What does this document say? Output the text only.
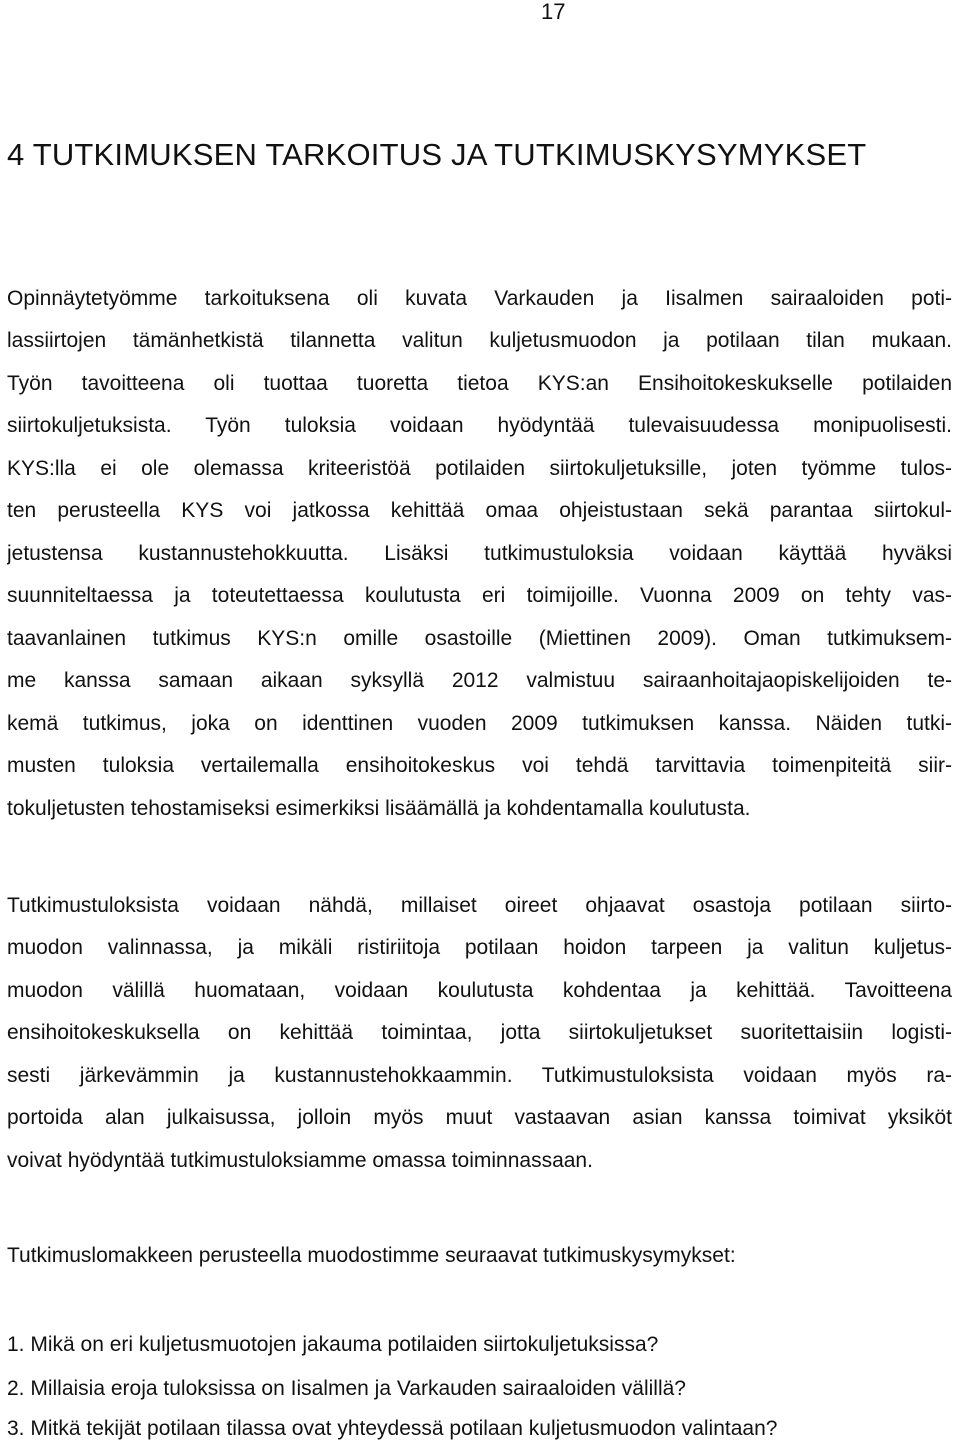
17
4 TUTKIMUKSEN TARKOITUS JA TUTKIMUSKYSYMYKSET
Opinnäytetyömme tarkoituksena oli kuvata Varkauden ja Iisalmen sairaaloiden poti-
lassiirtojen tämänhetkistä tilannetta valitun kuljetusmuodon ja potilaan tilan mukaan.
Työn tavoitteena oli tuottaa tuoretta tietoa KYS:an Ensihoitokeskukselle potilaiden
siirtokuljetuksista. Työn tuloksia voidaan hyödyntää tulevaisuudessa monipuolisesti.
KYS:lla ei ole olemassa kriteeristöä potilaiden siirtokuljetuksille, joten työmme tulos-
ten perusteella KYS voi jatkossa kehittää omaa ohjeistustaan sekä parantaa siirtokul-
jetustensa kustannustehokkuutta. Lisäksi tutkimustuloksia voidaan käyttää hyväksi
suunniteltaessa ja toteutettaessa koulutusta eri toimijoille. Vuonna 2009 on tehty vas-
taavanlainen tutkimus KYS:n omille osastoille (Miettinen 2009). Oman tutkimuksem-
me kanssa samaan aikaan syksyllä 2012 valmistuu sairaanhoitajaopiskelijoiden te-
kemä tutkimus, joka on identtinen vuoden 2009 tutkimuksen kanssa. Näiden tutki-
musten tuloksia vertailemalla ensihoitokeskus voi tehdä tarvittavia toimenpiteitä siir-
tokuljetusten tehostamiseksi esimerkiksi lisäämällä ja kohdentamalla koulutusta.
Tutkimustuloksista voidaan nähdä, millaiset oireet ohjaavat osastoja potilaan siirto-
muodon valinnassa, ja mikäli ristiriitoja potilaan hoidon tarpeen ja valitun kuljetus-
muodon välillä huomataan, voidaan koulutusta kohdentaa ja kehittää. Tavoitteena
ensihoitokeskuksella on kehittää toimintaa, jotta siirtokuljetukset suoritettaisiin logisti-
sesti järkevämmin ja kustannustehokkaammin. Tutkimustuloksista voidaan myös ra-
portoida alan julkaisussa, jolloin myös muut vastaavan asian kanssa toimivat yksiköt
voivat hyödyntää tutkimustuloksiamme omassa toiminnassaan.
Tutkimuslomakkeen perusteella muodostimme seuraavat tutkimuskysymykset:
1. Mikä on eri kuljetusmuotojen jakauma potilaiden siirtokuljetuksissa?
2. Millaisia eroja tuloksissa on Iisalmen ja Varkauden sairaaloiden välillä?
3. Mitkä tekijät potilaan tilassa ovat yhteydessä potilaan kuljetusmuodon valintaan?
